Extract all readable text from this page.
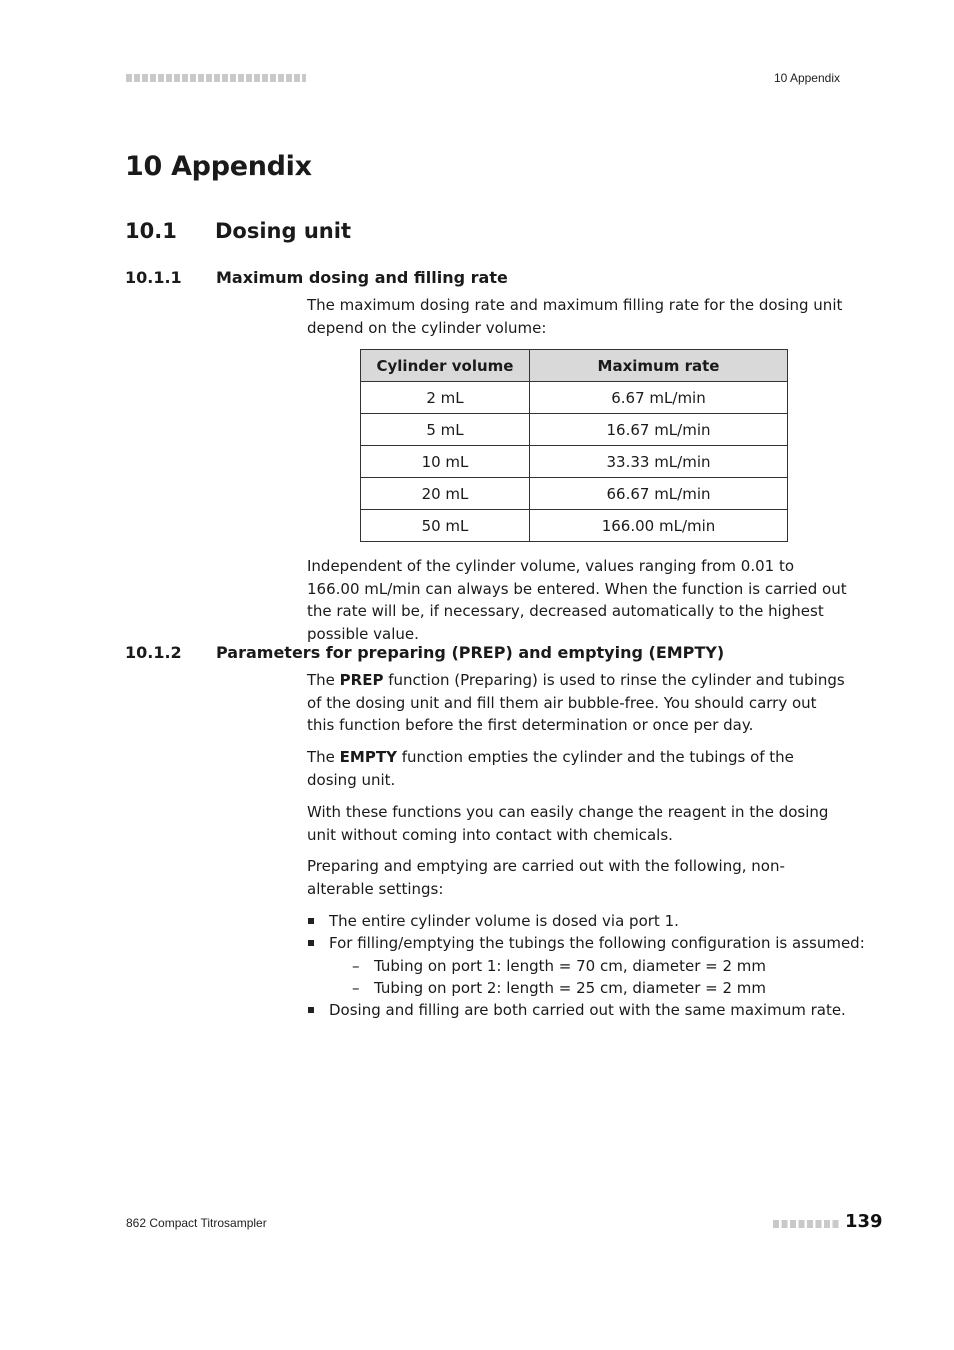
10 Appendix
10 Appendix
10.1 Dosing unit
10.1.1 Maximum dosing and filling rate

The maximum dosing rate and maximum filling rate for the dosing unit depend on the cylinder volume:

Cylinder volume	Maximum rate
2 mL	6.67 mL/min
5 mL	16.67 mL/min
10 mL	33.33 mL/min
20 mL	66.67 mL/min
50 mL	166.00 mL/min

Independent of the cylinder volume, values ranging from 0.01 to 166.00 mL/min can always be entered. When the function is carried out the rate will be, if necessary, decreased automatically to the highest possible value.

10.1.2 Parameters for preparing (PREP) and emptying (EMPTY)

The PREP function (Preparing) is used to rinse the cylinder and tubings of the dosing unit and fill them air bubble-free. You should carry out this function before the first determination or once per day.

The EMPTY function empties the cylinder and the tubings of the dosing unit.

With these functions you can easily change the reagent in the dosing unit without coming into contact with chemicals.

Preparing and emptying are carried out with the following, non-alterable settings:

The entire cylinder volume is dosed via port 1.
For filling/emptying the tubings the following configuration is assumed:
– Tubing on port 1: length = 70 cm, diameter = 2 mm
– Tubing on port 2: length = 25 cm, diameter = 2 mm
Dosing and filling are both carried out with the same maximum rate.
862 Compact Titrosampler	139
